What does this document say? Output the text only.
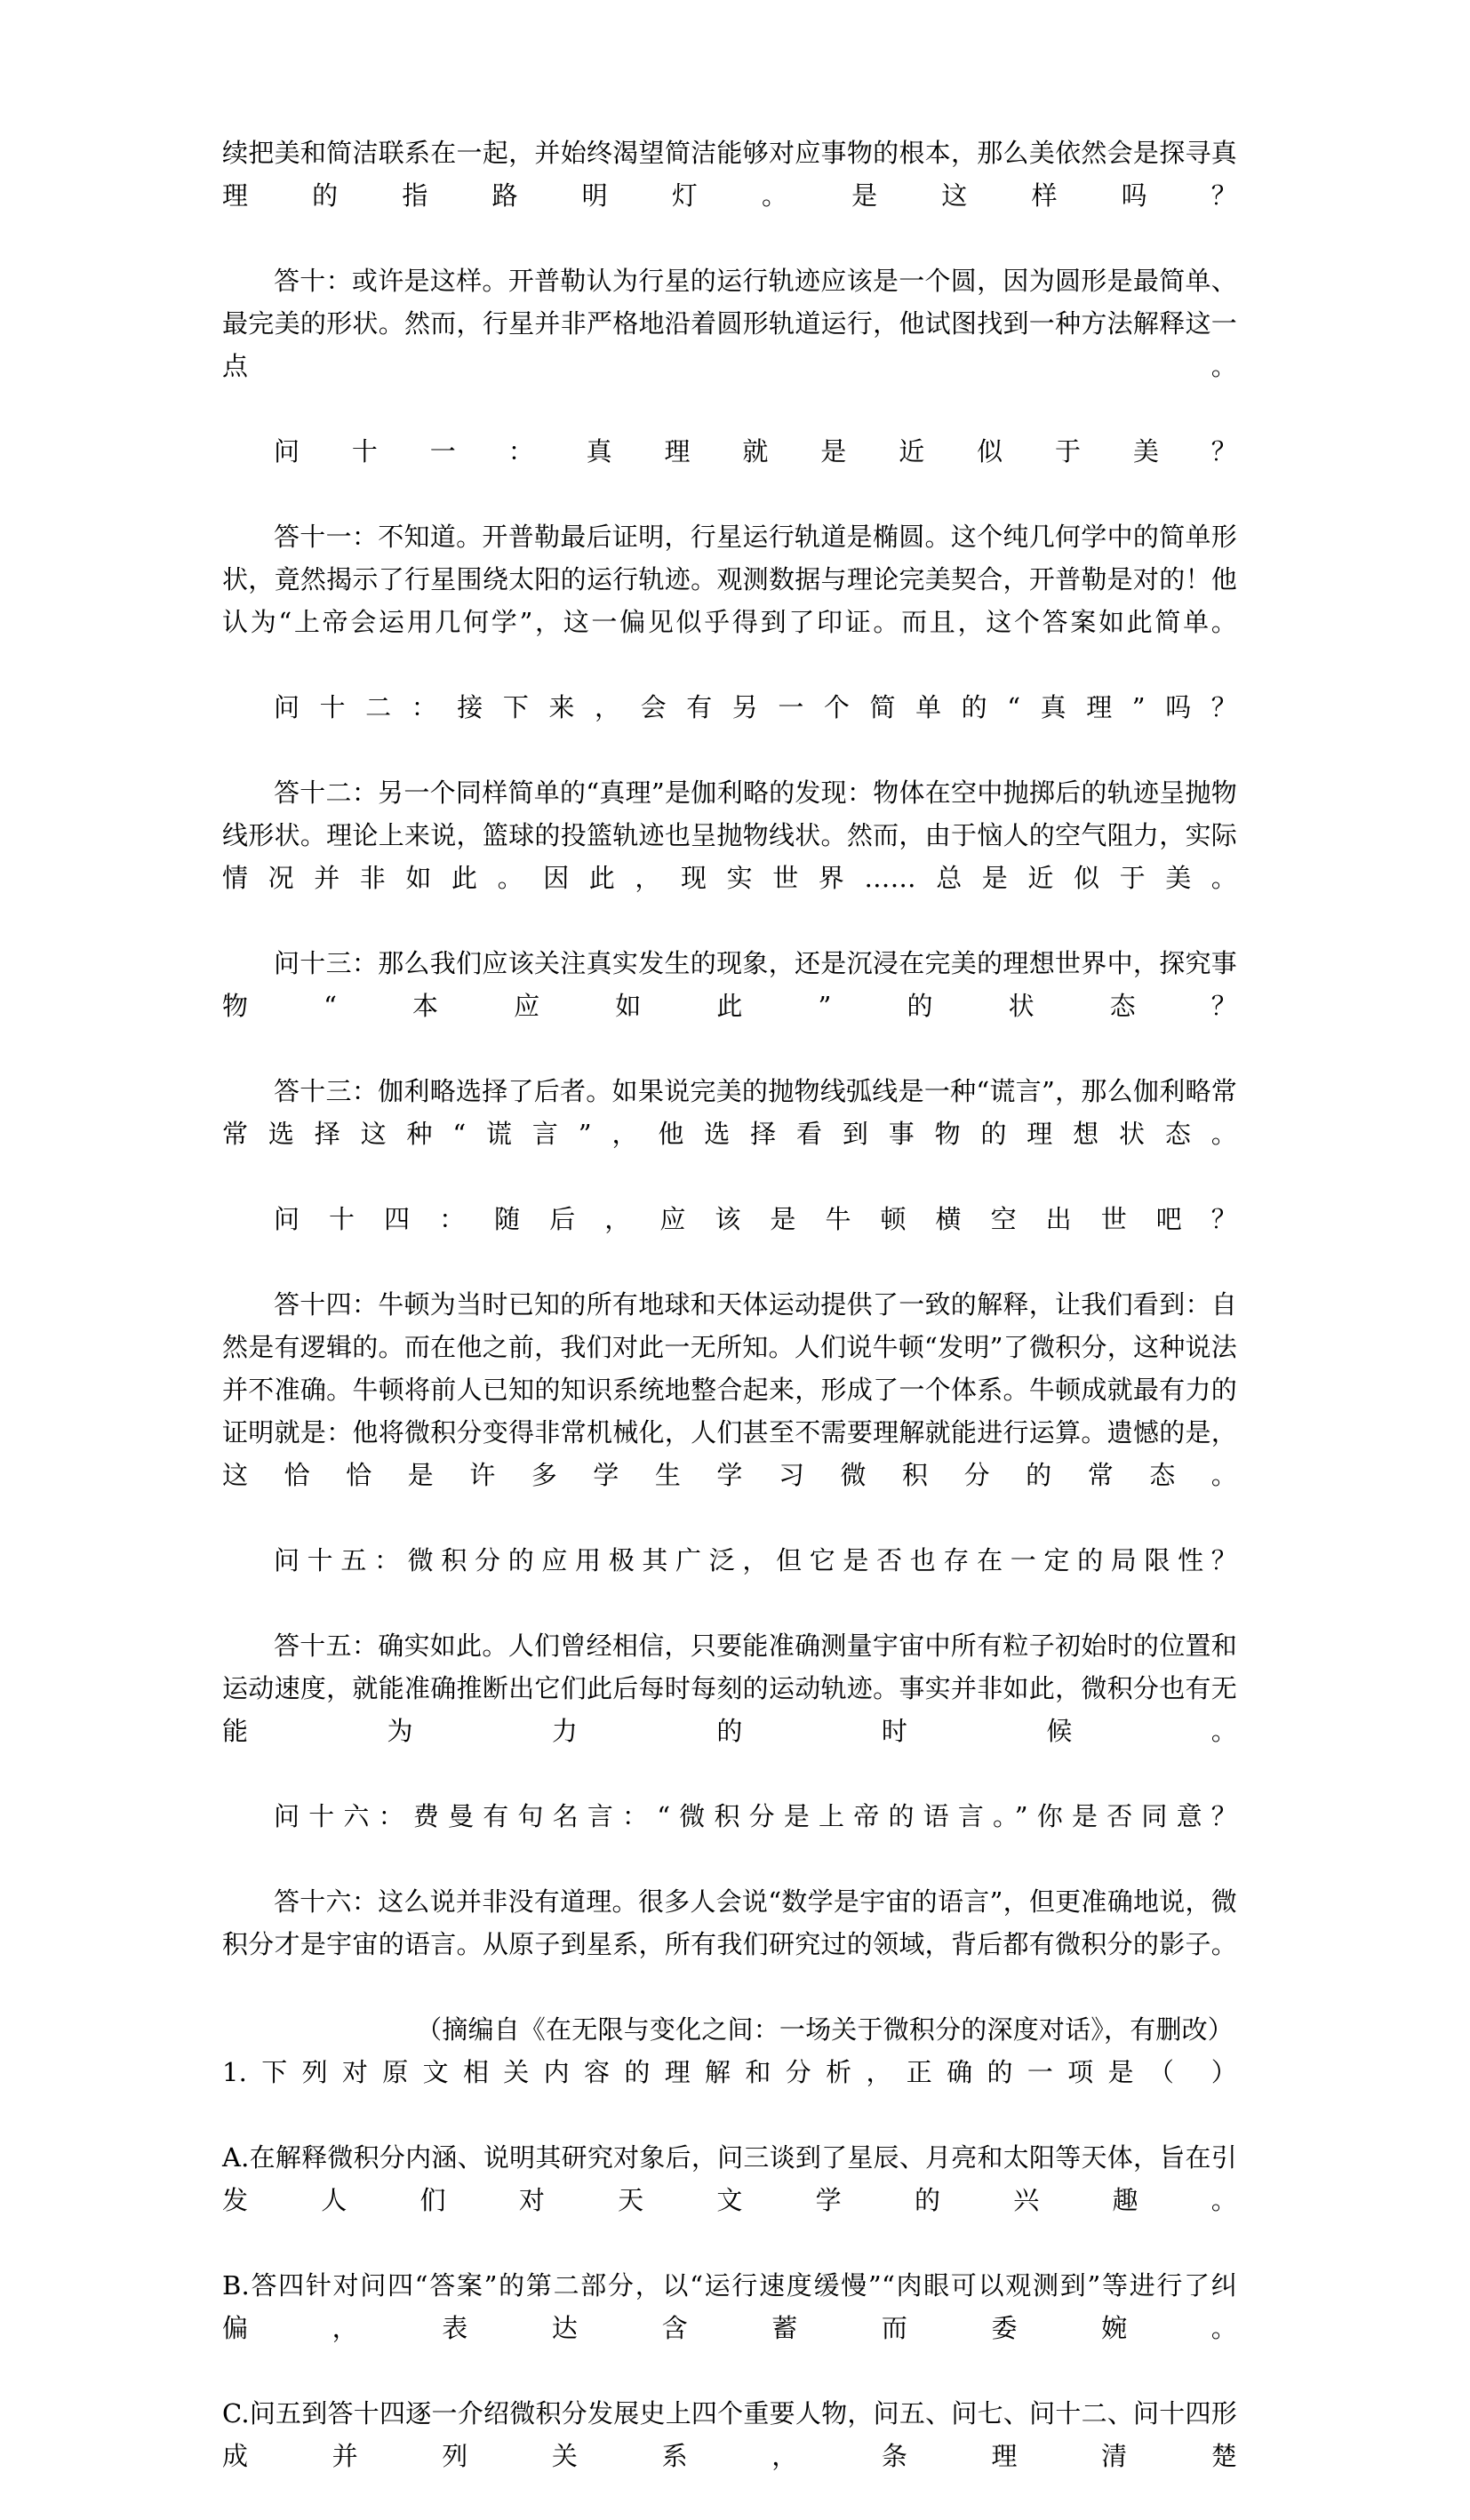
续把美和简洁联系在一起，并始终渴望简洁能够对应事物的根本，那么美依然会是探寻真理的指路明灯。是这样吗？

答十：或许是这样。开普勒认为行星的运行轨迹应该是一个圆，因为圆形是最简单、最完美的形状。然而，行星并非严格地沿着圆形轨道运行，他试图找到一种方法解释这一点。

问十一：真理就是近似于美？

答十一：不知道。开普勒最后证明，行星运行轨道是椭圆。这个纯几何学中的简单形状，竟然揭示了行星围绕太阳的运行轨迹。观测数据与理论完美契合，开普勒是对的！他认为“上帝会运用几何学”，这一偏见似乎得到了印证。而且，这个答案如此简单。

问十二：接下来，会有另一个简单的“真理”吗？

答十二：另一个同样简单的“真理”是伽利略的发现：物体在空中抛掷后的轨迹呈抛物线形状。理论上来说，篮球的投篮轨迹也呈抛物线状。然而，由于恼人的空气阻力，实际情况并非如此。因此，现实世界……总是近似于美。

问十三：那么我们应该关注真实发生的现象，还是沉浸在完美的理想世界中，探究事物“本应如此”的状态？

答十三：伽利略选择了后者。如果说完美的抛物线弧线是一种“谎言”，那么伽利略常常选择这种“谎言”，他选择看到事物的理想状态。

问十四：随后，应该是牛顿横空出世吧？

答十四：牛顿为当时已知的所有地球和天体运动提供了一致的解释，让我们看到：自然是有逻辑的。而在他之前，我们对此一无所知。人们说牛顿“发明”了微积分，这种说法并不准确。牛顿将前人已知的知识系统地整合起来，形成了一个体系。牛顿成就最有力的证明就是：他将微积分变得非常机械化，人们甚至不需要理解就能进行运算。遗憾的是，这恰恰是许多学生学习微积分的常态。

问十五：微积分的应用极其广泛，但它是否也存在一定的局限性？

答十五：确实如此。人们曾经相信，只要能准确测量宇宙中所有粒子初始时的位置和运动速度，就能准确推断出它们此后每时每刻的运动轨迹。事实并非如此，微积分也有无能为力的时候。

问十六：费曼有句名言：“微积分是上帝的语言。”你是否同意？

答十六：这么说并非没有道理。很多人会说“数学是宇宙的语言”，但更准确地说，微积分才是宇宙的语言。从原子到星系，所有我们研究过的领域，背后都有微积分的影子。

（摘编自《在无限与变化之间：一场关于微积分的深度对话》，有删改）

1.下列对原文相关内容的理解和分析，正确的一项是（ ）

A.在解释微积分内涵、说明其研究对象后，问三谈到了星辰、月亮和太阳等天体，旨在引发人们对天文学的兴趣。

B.答四针对问四“答案”的第二部分，以“运行速度缓慢”“肉眼可以观测到”等进行了纠偏，表达含蓄而委婉。

C.问五到答十四逐一介绍微积分发展史上四个重要人物，问五、问七、问十二、问十四形成并列关系，条理清楚
